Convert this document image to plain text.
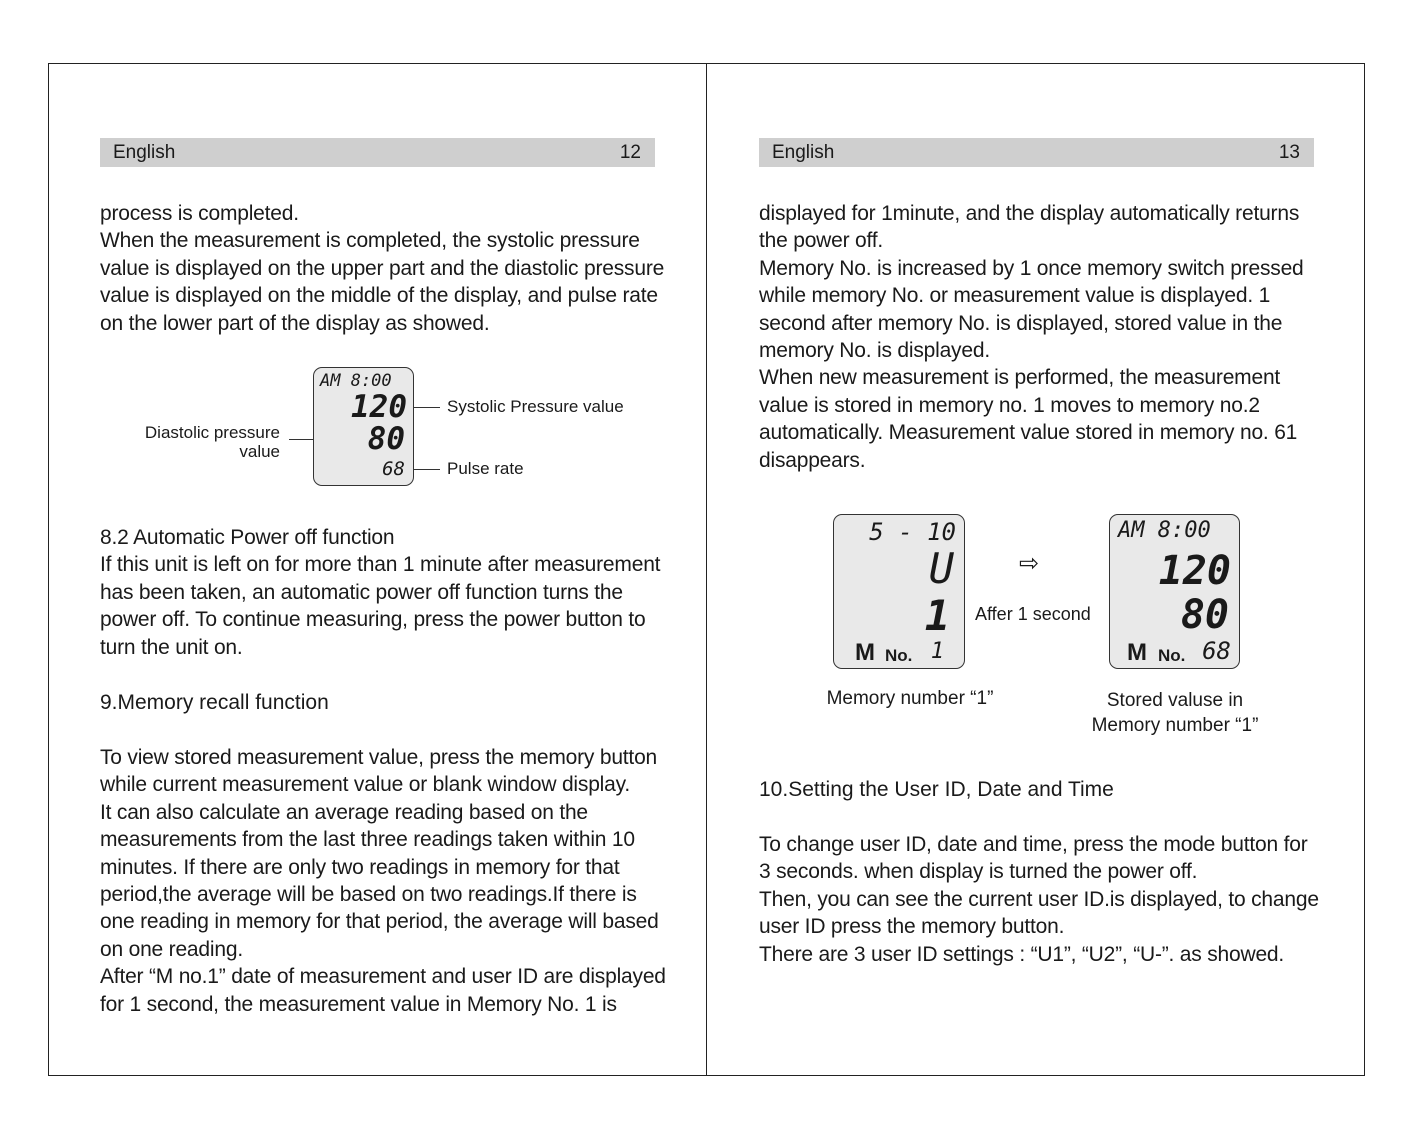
English	12

process is completed.
When the measurement is completed, the systolic pressure
value is displayed on the upper part and the diastolic pressure
value is displayed on the middle of the display, and pulse rate
on the lower part of the display as showed.

AM 8:00
120
80
68
Systolic Pressure value
Diastolic pressure
value
Pulse rate

8.2 Automatic Power off function
If this unit is left on for more than 1 minute after measurement
has been taken, an automatic power off function turns the
power off. To continue measuring, press the power button to
turn the unit on.

9.Memory recall function

To view stored measurement value, press the memory button
while current measurement value or blank window display.
It can also calculate an average reading based on the
measurements from the last three readings taken within 10
minutes. If there are only two readings in memory for that
period,the average will be based on two readings.If there is
one reading in memory for that period, the average will based
on one reading.
After “M no.1” date of measurement and user ID are displayed
for 1 second, the measurement value in Memory No. 1 is

English	13

displayed for 1minute, and the display automatically returns
the power off.
Memory No. is increased by 1 once memory switch pressed
while memory No. or measurement value is displayed. 1
second after memory No. is displayed, stored value in the
memory No. is displayed.
When new measurement is performed, the measurement
value is stored in memory no. 1 moves to memory no.2
automatically. Measurement value stored in memory no. 61
disappears.

5 - 10
U
1
M No. 1
⇨
Affer 1 second
AM 8:00
120
80
M No. 68
Memory number “1”	Stored valuse in
Memory number “1”

10.Setting the User ID, Date and Time

To change user ID, date and time, press the mode button for
3 seconds. when display is turned the power off.
Then, you can see the current user ID.is displayed, to change
user ID press the memory button.
There are 3 user ID settings : “U1”, “U2”, “U-”. as showed.
